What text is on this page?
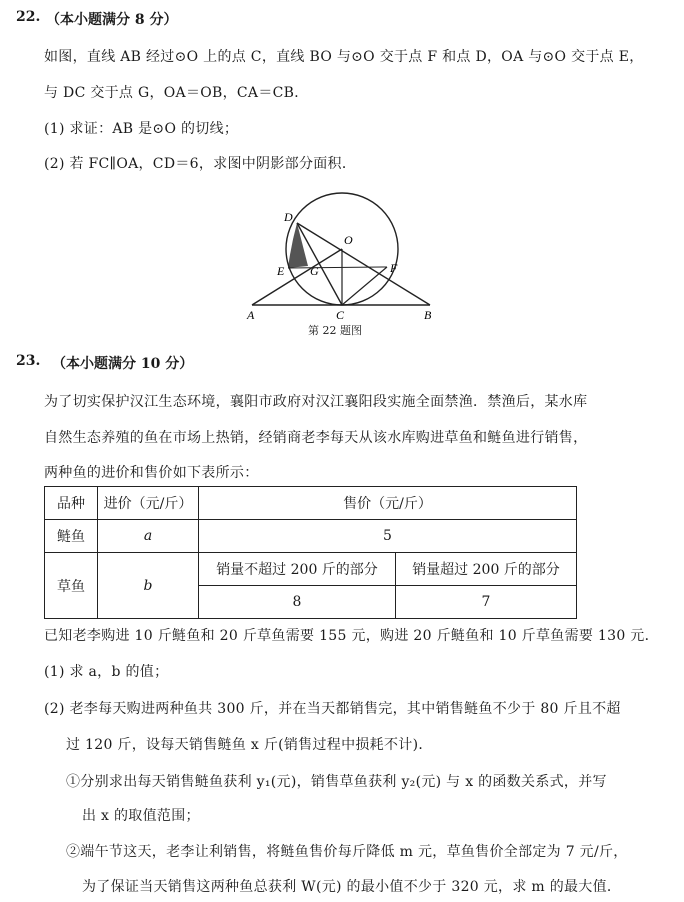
22. （本小题满分 8 分）
如图，直线 AB 经过⊙O 上的点 C，直线 BO 与⊙O 交于点 F 和点 D，OA 与⊙O 交于点 E，
与 DC 交于点 G，OA＝OB，CA＝CB．
(1) 求证：AB 是⊙O 的切线；
(2) 若 FC∥OA，CD＝6，求图中阴影部分面积．
D
O
E G	F
A	C	B
第 22 题图
23. （本小题满分 10 分）
为了切实保护汉江生态环境，襄阳市政府对汉江襄阳段实施全面禁渔．禁渔后，某水库
自然生态养殖的鱼在市场上热销，经销商老李每天从该水库购进草鱼和鲢鱼进行销售，
两种鱼的进价和售价如下表所示：
品种	进价（元/斤）	售价（元/斤）	
鲢鱼	a	5	
草鱼	b	销量不超过 200 斤的部分	销量超过 200 斤的部分
		8	7
已知老李购进 10 斤鲢鱼和 20 斤草鱼需要 155 元，购进 20 斤鲢鱼和 10 斤草鱼需要 130 元．
(1) 求 a，b 的值；
(2) 老李每天购进两种鱼共 300 斤，并在当天都销售完，其中销售鲢鱼不少于 80 斤且不超
过 120 斤，设每天销售鲢鱼 x 斤(销售过程中损耗不计)．
①分别求出每天销售鲢鱼获利 y₁(元)，销售草鱼获利 y₂(元) 与 x 的函数关系式，并写
出 x 的取值范围；
②端午节这天，老李让利销售，将鲢鱼售价每斤降低 m 元，草鱼售价全部定为 7 元/斤，
为了保证当天销售这两种鱼总获利 W(元) 的最小值不少于 320 元，求 m 的最大值．
